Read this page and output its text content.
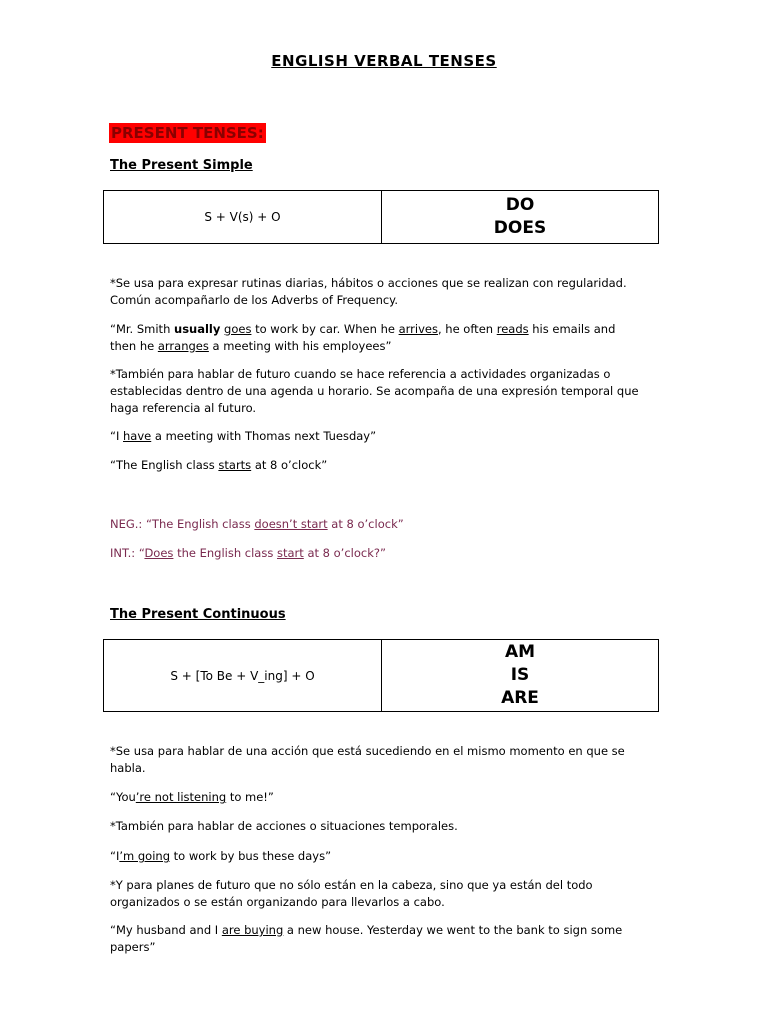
ENGLISH VERBAL TENSES
PRESENT TENSES:
The Present Simple
S + V(s) + O
DO
DOES
*Se usa para expresar rutinas diarias, hábitos o acciones que se realizan con regularidad.
Común acompañarlo de los Adverbs of Frequency.
“Mr. Smith usually goes to work by car. When he arrives, he often reads his emails and
then he arranges a meeting with his employees”
*También para hablar de futuro cuando se hace referencia a actividades organizadas o
establecidas dentro de una agenda u horario. Se acompaña de una expresión temporal que
haga referencia al futuro.
“I have a meeting with Thomas next Tuesday”
“The English class starts at 8 o’clock”
NEG.: “The English class doesn’t start at 8 o’clock”
INT.: “Does the English class start at 8 o’clock?”
The Present Continuous
S + [To Be + V_ing] + O
AM
IS
ARE
*Se usa para hablar de una acción que está sucediendo en el mismo momento en que se
habla.
“You’re not listening to me!”
*También para hablar de acciones o situaciones temporales.
“I’m going to work by bus these days”
*Y para planes de futuro que no sólo están en la cabeza, sino que ya están del todo
organizados o se están organizando para llevarlos a cabo.
“My husband and I are buying a new house. Yesterday we went to the bank to sign some
papers”
